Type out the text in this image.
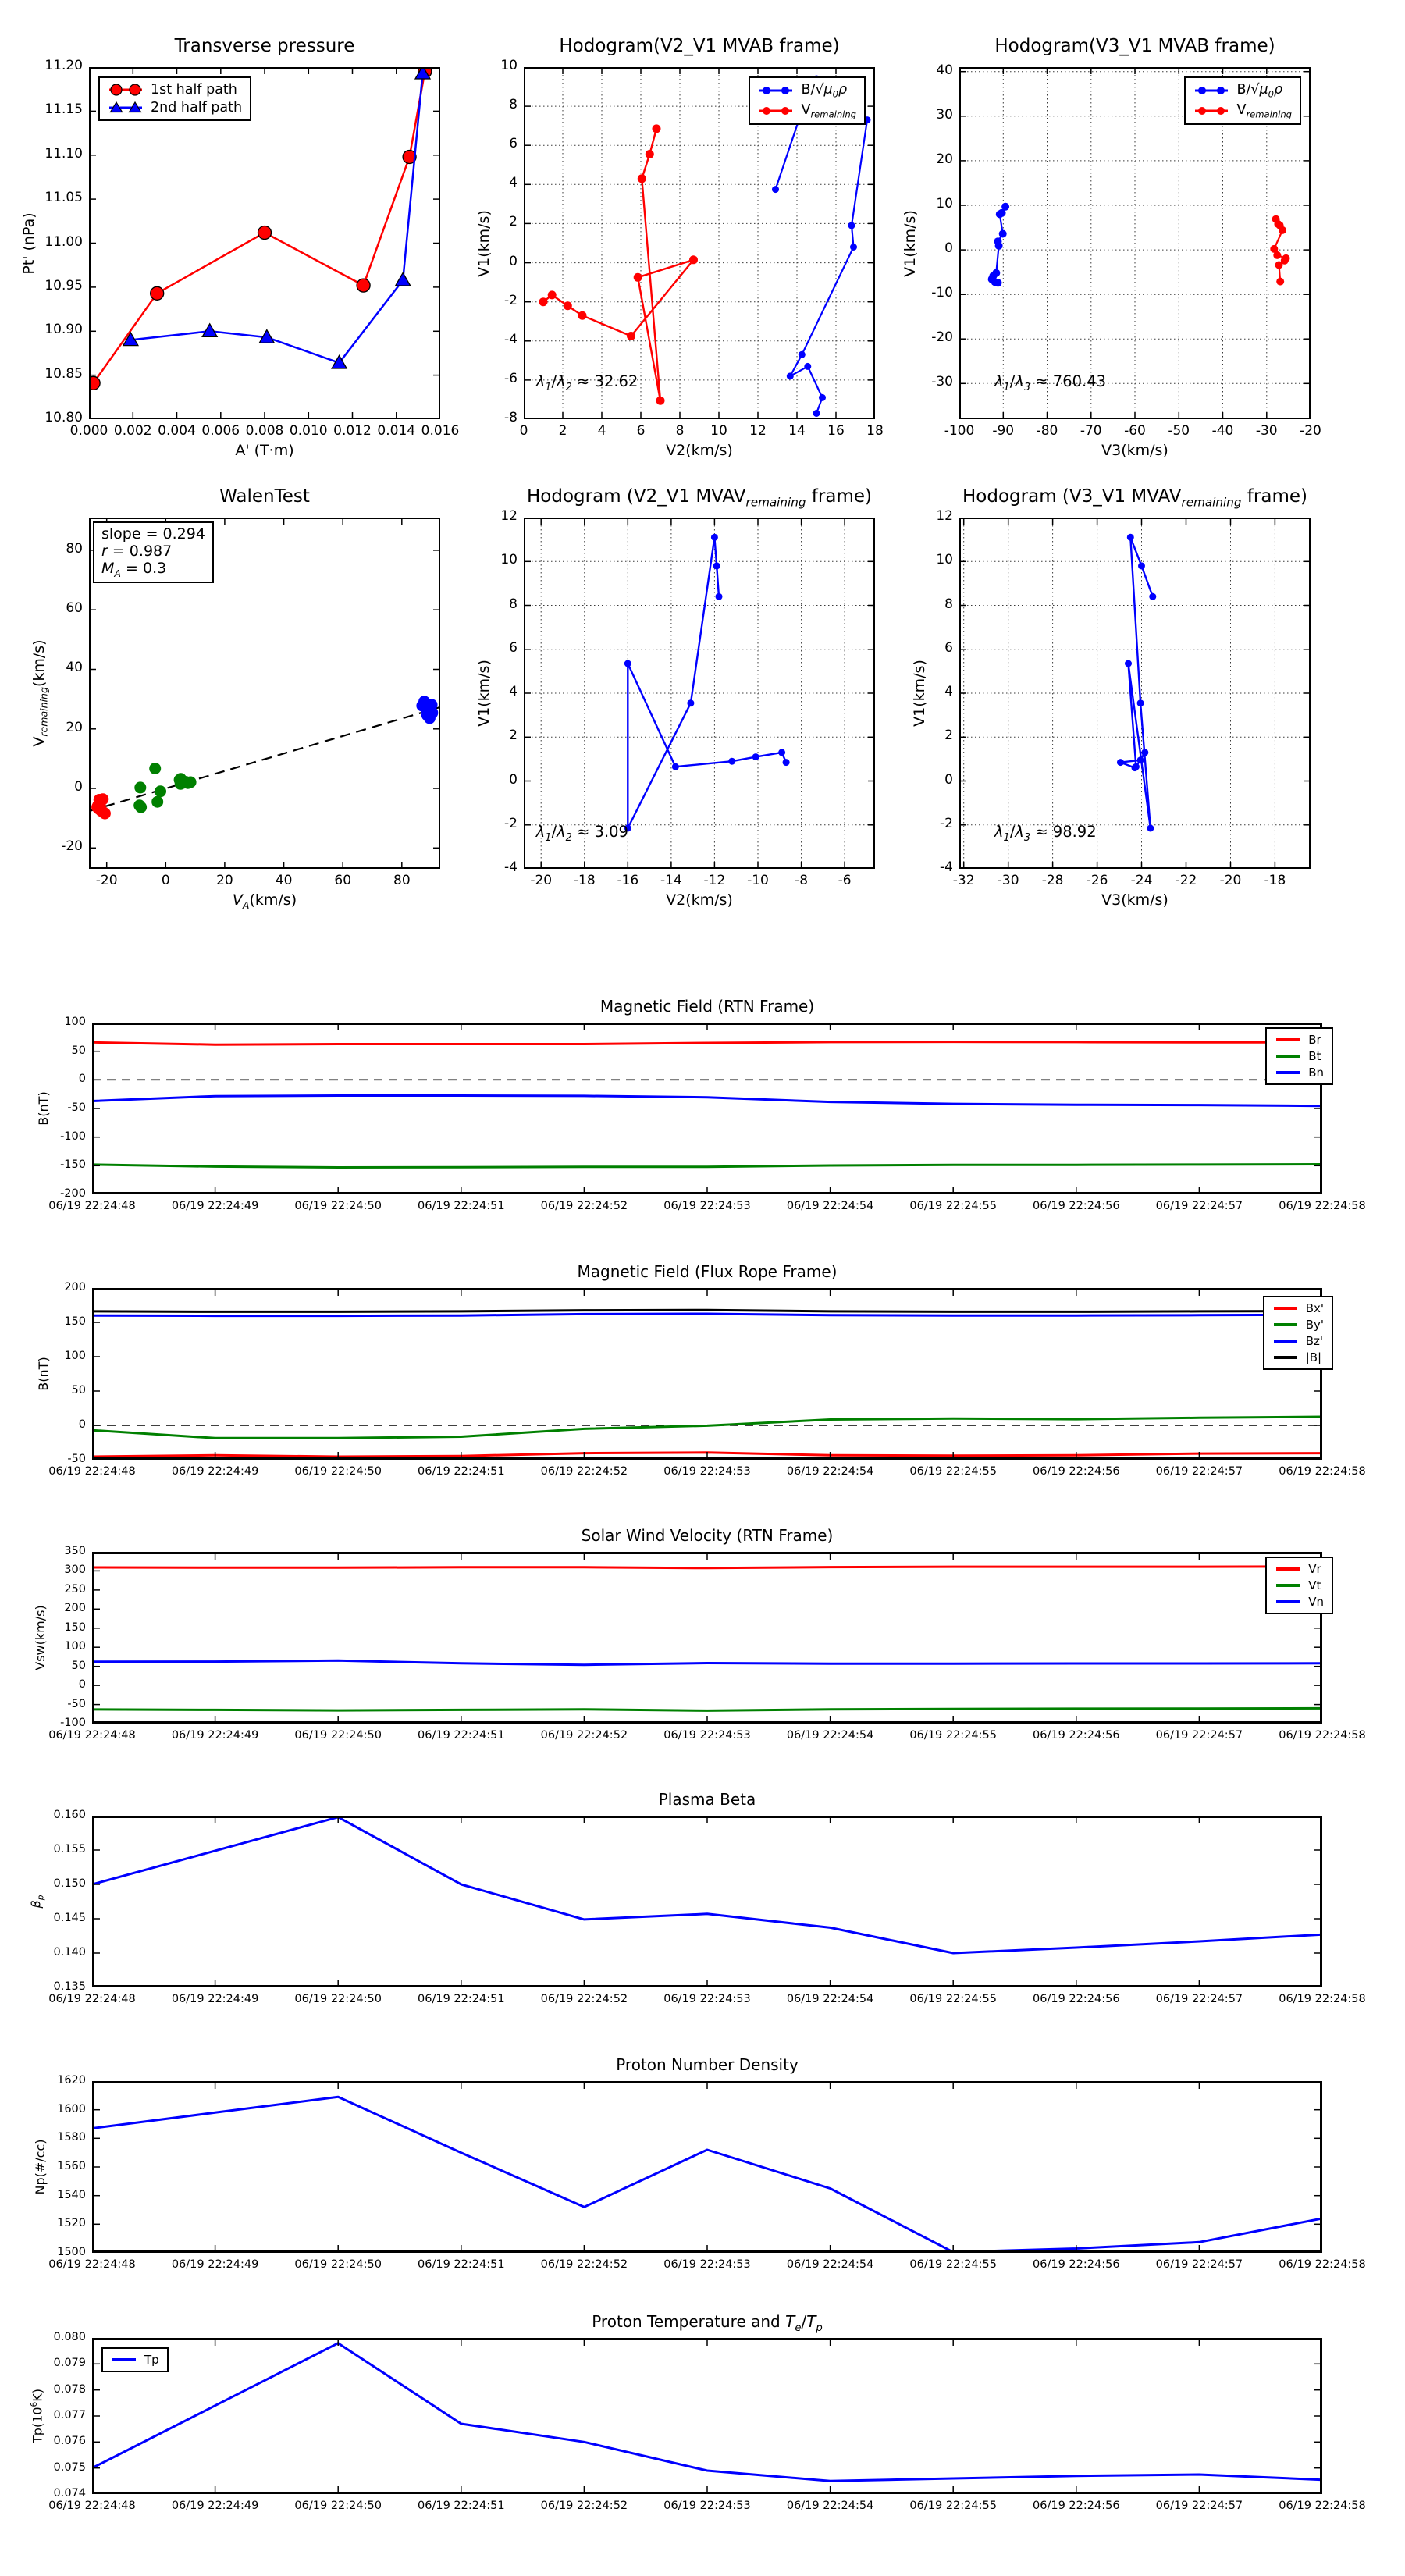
Transverse pressure
0.000 0.002 0.004 0.006 0.008 0.010 0.012 0.014 0.016
10.80
10.85
10.90
10.95
11.00
11.05
11.10
11.15
11.20
A' (T·m)
Pt' (nPa)
1st half path
2nd half path
Hodogram(V2_V1 MVAB frame)
0 2 4 6 8 10 12 14 16 18
-8
-6
-4
-2
0
2
4
6
8
10
V2(km/s)
V1(km/s)
$\lambda_1/\lambda_2 \approx 32.62$
$B/√\mu_0\rho$
$V_{remaining}$
Hodogram(V3_V1 MVAB frame)
-100 -90 -80 -70 -60 -50 -40 -30 -20
-30
-20
-10
0
10
20
30
40
V3(km/s)
V1(km/s)
$\lambda_1/\lambda_3 \approx 760.43$
$B/√\mu_0\rho$
$V_{remaining}$
WalenTest
-20	0	20	40	60	80
-20
0
20
40
60
80
$V_A(km/s)$
$V_{remaining}(km/s)$
slope = 0.294
r = 0.987
$M_A = 0.3$
Hodogram (V2_V1 $MVAV_{remaining}$ frame)
-20 -18 -16 -14 -12 -10 -8 -6
-4
-2
0
2
4
6
8
10
12
V2(km/s)
V1(km/s)
$\lambda_1/\lambda_2 \approx 3.09$
Hodogram (V3_V1 $MVAV_{remaining}$ frame)
-32 -30 -28 -26 -24 -22 -20 -18
-4
-2
0
2
4
6
8
10
12
V3(km/s)
V1(km/s)
$\lambda_1/\lambda_3 \approx 98.92$
Magnetic Field (RTN Frame)
06/19 22:24:48	06/19 22:24:49	06/19 22:24:50	06/19 22:24:51	06/19 22:24:52	06/19 22:24:53	06/19 22:24:54	06/19 22:24:55	06/19 22:24:56	06/19 22:24:57	06/19 22:24:58
-200
-150
-100
-50
0
50
100
B(nT)
Br
Bt
Bn
Magnetic Field (Flux Rope Frame)
06/19 22:24:48	06/19 22:24:49	06/19 22:24:50	06/19 22:24:51	06/19 22:24:52	06/19 22:24:53	06/19 22:24:54	06/19 22:24:55	06/19 22:24:56	06/19 22:24:57	06/19 22:24:58
-50
0
50
100
150
200
B(nT)
Bx'
By'
Bz'
|B|
Solar Wind Velocity (RTN Frame)
06/19 22:24:48	06/19 22:24:49	06/19 22:24:50	06/19 22:24:51	06/19 22:24:52	06/19 22:24:53	06/19 22:24:54	06/19 22:24:55	06/19 22:24:56	06/19 22:24:57	06/19 22:24:58
-100
-50
0
50
100
150
200
250
300
350
Vsw(km/s)
Vr
Vt
Vn
Plasma Beta
06/19 22:24:48	06/19 22:24:49	06/19 22:24:50	06/19 22:24:51	06/19 22:24:52	06/19 22:24:53	06/19 22:24:54	06/19 22:24:55	06/19 22:24:56	06/19 22:24:57	06/19 22:24:58
0.135
0.140
0.145
0.150
0.155
0.160
$\beta_p$
Proton Number Density
06/19 22:24:48	06/19 22:24:49	06/19 22:24:50	06/19 22:24:51	06/19 22:24:52	06/19 22:24:53	06/19 22:24:54	06/19 22:24:55	06/19 22:24:56	06/19 22:24:57	06/19 22:24:58
1500
1520
1540
1560
1580
1600
1620
Np(#/cc)
Proton Temperature and $T_e/T_p$
06/19 22:24:48	06/19 22:24:49	06/19 22:24:50	06/19 22:24:51	06/19 22:24:52	06/19 22:24:53	06/19 22:24:54	06/19 22:24:55	06/19 22:24:56	06/19 22:24:57	06/19 22:24:58
0.074
0.075
0.076
0.077
0.078
0.079
0.080
$Tp(10^6K)$
Tp
